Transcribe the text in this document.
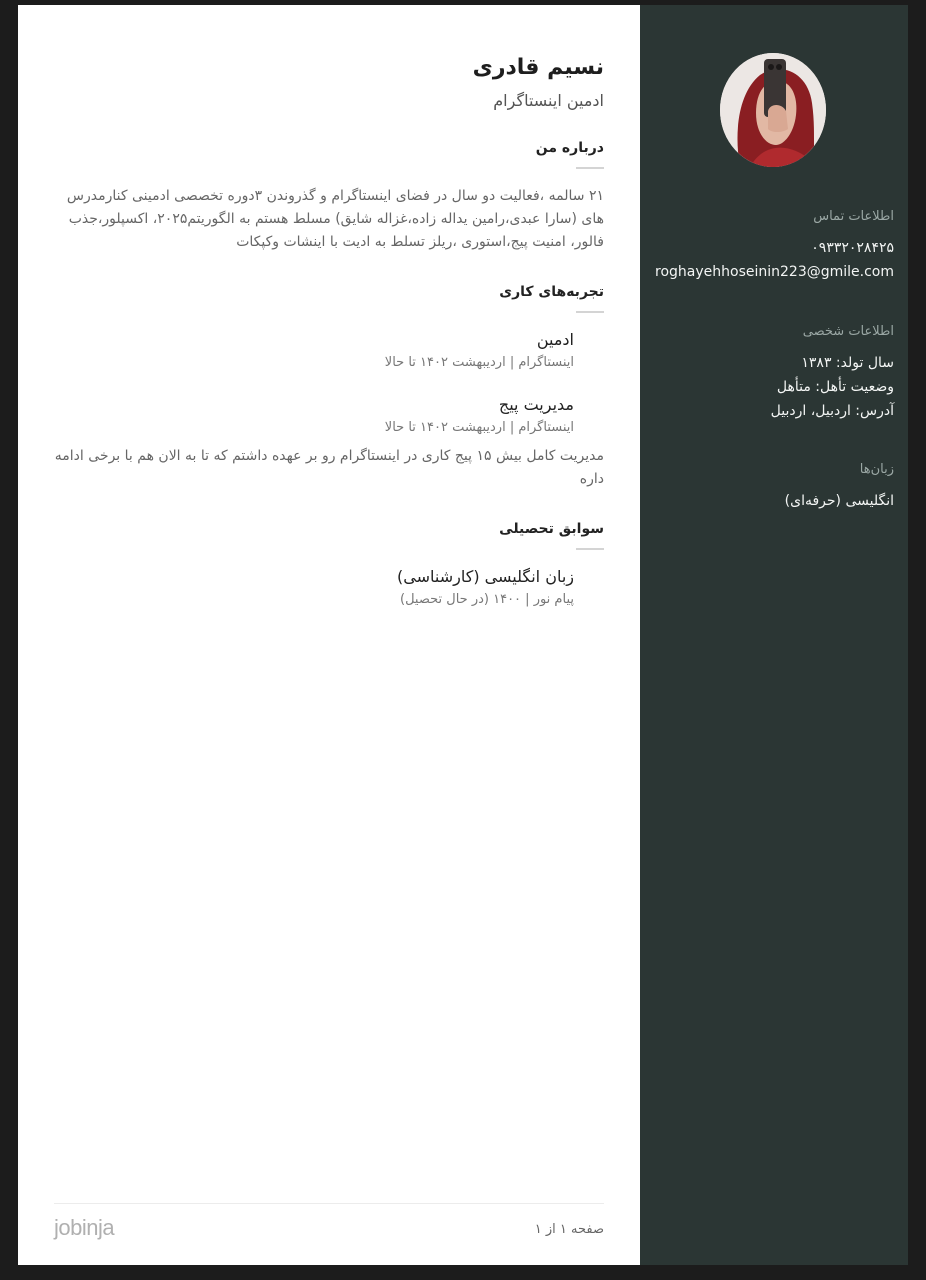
اطلاعات تماس
۰۹۳۳۲۰۲۸۴۲۵
roghayehhoseinin223@gmile.com
اطلاعات شخصی
سال تولد: ۱۳۸۳
وضعیت تأهل: متأهل
آدرس: اردبیل، اردبیل
زبان‌ها
انگلیسی (حرفه‌ای)
نسیم قادری
ادمین اینستاگرام
درباره من
۲۱ سالمه ،فعالیت دو سال در فضای اینستاگرام و گذروندن ۳دوره تخصصی ادمینی کنارمدرس های (سارا عبدی،رامین یداله زاده،غزاله شایق) مسلط هستم به الگوریتم۲۰۲۵، اکسپلور،جذب فالور، امنیت پیج،استوری ،ریلز تسلط به ادیت با اینشات وکپکات
تجربه‌های کاری
ادمین
اینستاگرام | اردیبهشت ۱۴۰۲ تا حالا
مدیریت پیج
اینستاگرام | اردیبهشت ۱۴۰۲ تا حالا
مدیریت کامل بیش ۱۵ پیج کاری در اینستاگرام رو بر عهده داشتم که تا به الان هم با برخی ادامه داره
سوابق تحصیلی
زبان انگلیسی (کارشناسی)
پیام نور | ۱۴۰۰ (در حال تحصیل)
صفحه ۱ از ۱
jobinja
